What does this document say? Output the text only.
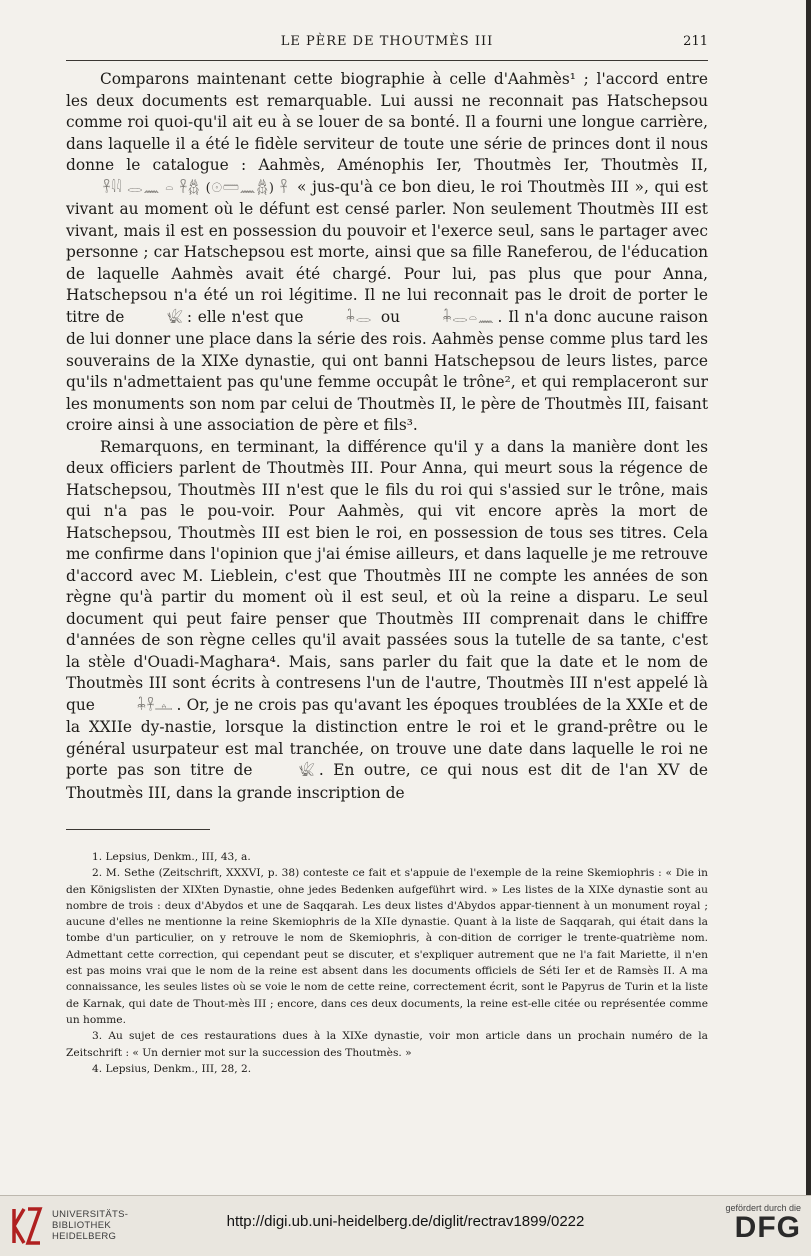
LE PÈRE DE THOUTMÈS III	211

Comparons maintenant cette biographie à celle d'Aahmès¹ ; l'accord entre les deux documents est remarquable. Lui aussi ne reconnait pas Hatschepsou comme roi quoi-qu'il ait eu à se louer de sa bonté. Il a fourni une longue carrière, dans laquelle il a été le fidèle serviteur de toute une série de princes dont il nous donne le catalogue : Aahmès, Aménophis Ier, Thoutmès Ier, Thoutmès II, 𓋹𓇋𓇋 𓂋𓈖 𓏏 𓋹𓆣 (𓇳𓏠𓈖𓆣) 𓋹 « jus-qu'à ce bon dieu, le roi Thoutmès III », qui est vivant au moment où le défunt est censé parler. Non seulement Thoutmès III est vivant, mais il est en possession du pouvoir et l'exerce seul, sans le partager avec personne ; car Hatschepsou est morte, ainsi que sa fille Raneferou, de l'éducation de laquelle Aahmès avait été chargé. Pour lui, pas plus que pour Anna, Hatschepsou n'a été un roi légitime. Il ne lui reconnait pas le droit de porter le titre de	𓆤 : elle n'est que	𓇓𓂋 ou	𓇓𓂋𓏏𓈖 . Il n'a donc aucune raison de lui donner une place dans la série des rois. Aahmès pense comme plus tard les souverains de la XIXe dynastie, qui ont banni Hatschepsou de leurs listes, parce qu'ils n'admettaient pas qu'une femme occupât le trône², et qui remplaceront sur les monuments son nom par celui de Thoutmès II, le père de Thoutmès III, faisant croire ainsi à une association de père et fils³.

Remarquons, en terminant, la différence qu'il y a dans la manière dont les deux officiers parlent de Thoutmès III. Pour Anna, qui meurt sous la régence de Hatschepsou, Thoutmès III n'est que le fils du roi qui s'assied sur le trône, mais qui n'a pas le pou-voir. Pour Aahmès, qui vit encore après la mort de Hatschepsou, Thoutmès III est bien le roi, en possession de tous ses titres. Cela me confirme dans l'opinion que j'ai émise ailleurs, et dans laquelle je me retrouve d'accord avec M. Lieblein, c'est que Thoutmès III ne compte les années de son règne qu'à partir du moment où il est seul, et où la reine a disparu. Le seul document qui peut faire penser que Thoutmès III comprenait dans le chiffre d'années de son règne celles qu'il avait passées sous la tutelle de sa tante, c'est la stèle d'Ouadi-Maghara⁴. Mais, sans parler du fait que la date et le nom de Thoutmès III sont écrits à contresens l'un de l'autre, Thoutmès III n'est appelé là que	𓇓𓋹𓊵 . Or, je ne crois pas qu'avant les époques troublées de la XXIe et de la XXIIe dy-nastie, lorsque la distinction entre le roi et le grand-prêtre ou le général usurpateur est mal tranchée, on trouve une date dans laquelle le roi ne porte pas son titre de	𓆤 . En outre, ce qui nous est dit de l'an XV de Thoutmès III, dans la grande inscription de

1. Lepsius, Denkm., III, 43, a.

2. M. Sethe (Zeitschrift, XXXVI, p. 38) conteste ce fait et s'appuie de l'exemple de la reine Skemiophris : « Die in den Königslisten der XIXten Dynastie, ohne jedes Bedenken aufgeführt wird. » Les listes de la XIXe dynastie sont au nombre de trois : deux d'Abydos et une de Saqqarah. Les deux listes d'Abydos appar-tiennent à un monument royal ; aucune d'elles ne mentionne la reine Skemiophris de la XIIe dynastie. Quant à la liste de Saqqarah, qui était dans la tombe d'un particulier, on y retrouve le nom de Skemiophris, à con-dition de corriger le trente-quatrième nom. Admettant cette correction, qui cependant peut se discuter, et s'expliquer autrement que ne l'a fait Mariette, il n'en est pas moins vrai que le nom de la reine est absent dans les documents officiels de Séti Ier et de Ramsès II. A ma connaissance, les seules listes où se voie le nom de cette reine, correctement écrit, sont le Papyrus de Turin et la liste de Karnak, qui date de Thout-mès III ; encore, dans ces deux documents, la reine est-elle citée ou représentée comme un homme.

3. Au sujet de ces restaurations dues à la XIXe dynastie, voir mon article dans un prochain numéro de la Zeitschrift : « Un dernier mot sur la succession des Thoutmès. »

4. Lepsius, Denkm., III, 28, 2.

UNIVERSITÄTS-
BIBLIOTHEK
HEIDELBERG
http://digi.ub.uni-heidelberg.de/diglit/rectrav1899/0222
gefördert durch die
DFG
